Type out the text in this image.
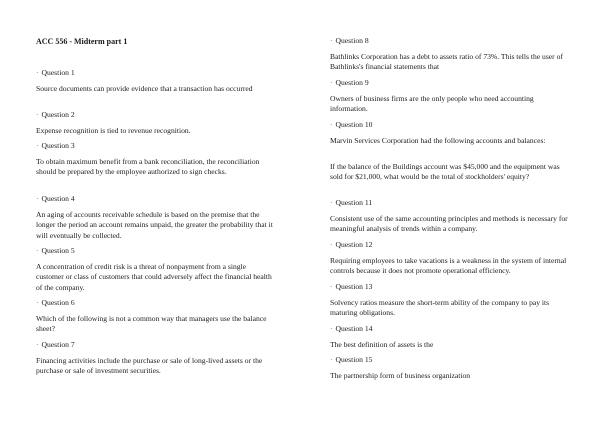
ACC 556 - Midterm part 1
· Question 1
Source documents can provide evidence that a transaction has occurred
· Question 2
Expense recognition is tied to revenue recognition.
· Question 3
To obtain maximum benefit from a bank reconciliation, the reconciliation should be prepared by the employee authorized to sign checks.
· Question 4
An aging of accounts receivable schedule is based on the premise that the longer the period an account remains unpaid, the greater the probability that it will eventually be collected.
· Question 5
A concentration of credit risk is a threat of nonpayment from a single customer or class of customers that could adversely affect the financial health of the company.
· Question 6
Which of the following is not a common way that managers use the balance sheet?
· Question 7
Financing activities include the purchase or sale of long-lived assets or the purchase or sale of investment securities.
· Question 8
Bathlinks Corporation has a debt to assets ratio of 73%. This tells the user of Bathlinks's financial statements that
· Question 9
Owners of business firms are the only people who need accounting information.
· Question 10
Marvin Services Corporation had the following accounts and balances:
If the balance of the Buildings account was $45,000 and the equipment was sold for $21,000, what would be the total of stockholders' equity?
· Question 11
Consistent use of the same accounting principles and methods is necessary for meaningful analysis of trends within a company.
· Question 12
Requiring employees to take vacations is a weakness in the system of internal controls because it does not promote operational efficiency.
· Question 13
Solvency ratios measure the short-term ability of the company to pay its maturing obligations.
· Question 14
The best definition of assets is the
· Question 15
The partnership form of business organization
